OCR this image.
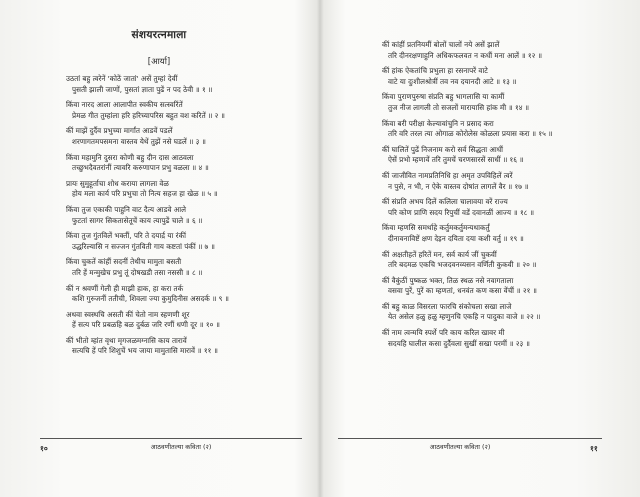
संशयरत्नमाला
[आर्या]
उठतां बहु त्वरेनें 'कोठें जातां' असें तुम्हां देवीं
पुसती झाली जाणों, पुसतां ज्ञाता पुढें न पद ठेवी ॥ १ ॥
किंवा नारद आला आलापीत स्वकीय सत्स्वरिंतें
प्रेमळ गीत तुम्हांला हरि हरिच्यापरिस बहुत वश करितें ॥ २ ॥
कीं माझें दुर्दैव प्रभुच्या मार्गांत आडवें पडलें
शरणागतमपसमना वास्तव येथें तुझें नसे घडलें ॥ ३ ॥
किंवा महामुनि दुसरा कोणी बहु दीन दास आठवला
तच्छुभदैवतरांनीं त्यावरि करुणापान प्रभु वळला ॥ ४ ॥
प्रायः सुमुहूर्ताचा शोध कराया लागला वेळ
होय मला कार्य परि प्रभुचा तो नित्य सहज हा खेळ ॥ ५ ॥
किंवा तुज एकाकी पाहुनि वाट दैत्य आडवे आले
फुटतां सागर सिकतासेतूचें काय त्यापुढें चाले ॥ ६ ॥
किंवा तुज गुंतविलें भक्तीं, परि ते दयार्द्र या रंकीं
उद्धरिल्यासि न सज्जन गुंतविती गाय कष्टतां पंकीं ॥ ७ ॥
किंवा चुकतें कांहीं सदनीं तेथीच मामुता बसती
तरि हें मन्मुखेच प्रभु तूं दोषखडी तसा नससी ॥ ८ ॥
कीं न श्रवणीं गेली ही माझी हाक, हा करा तर्क
कशि गुरुजनीं ततीची, शिवला ज्या कुमुदिनीस असदर्क ॥ ९ ॥
अथवा स्वस्थचि असती कीं चेतो नाम स्हणणी शूर
हें सत्य परि प्रबळहि बळ दुर्बळ जरि रणीं धणी दूर ॥ १० ॥
कीं भीतो म्हांत वृथा मृगजळमग्नासि काय तारावें
सत्यचि हें परि शिशुचें भय जाया मामुतासि मारावें ॥ ११ ॥
१०	आठवणीतल्या कविता (२)
कीं कांहीं प्रतनियमीं बोलों चालों नये असें झालें
तरि दीनरक्षणाहुनि अधिकफलवत न कधीं मना आलें ॥ १२ ॥
कीं हांक ऐकतांचि प्रभुला हा रसनापरें वाटे
वाटे या दुःशीलश्रोत्रीं तव नव दयानदी आटे ॥ १३ ॥
किंवा पुराणपुरुषा संप्रति बहु भागलासि या कामीं
तुज नीज लागली तो सजलों मारायासि हांक मी ॥ १४ ॥
किंवा बरी परीक्षा केल्यावांचुनि न प्रसाद करा
तरि वरि तरल त्या ओगाळ कोरोलेस कोळला प्रयास करा ॥ १५ ॥
कीं घालितें पुढें निजनाम करो सर्व सिद्धता आधीं
ऐसें प्रभो म्हणावें तरि तुमचें चरणसारसें साधीं ॥ १६ ॥
कीं जाजीवित नामप्रतिनिधि हा अमृत उपविहिलें त्वरें
न पुसे, न भी, न ऐके वास्तव दोषांत लागलें वैर ॥ १७ ॥
कीं संप्रति अभय दिलें कलिला चालावया वरें राज्य
परि कोण प्राणि सदय रिपुचीं वडें दवानळीं आज्य ॥ १८ ॥
किंवा म्हणसि समर्थाहे कर्तुमकर्तुमन्यथाकर्तुं
दीनावनाविष्टें क्षण देइन दयिता दया कशी वर्तु ॥ १९ ॥
कीं अक्षतीहतें हरितें मन, सर्व कार्य जीं चुकवीं
तरि बदमळ एकचि भजदवनव्यसन वर्णिती कुकवी ॥ २० ॥
कीं वैकुंठीं पुष्कळ भक्त, तिळ स्थळ नसे नवागताला
वसवा पुरें, पुरें का म्हणतां, धनवंत कण कसा वेंचीं ॥ २१ ॥
कीं बहु काळ विसरला फारचि संकोचला सखा लाजे
येत असेल हळु हळु म्हणुनचि एकहि न पादुका वाजे ॥ २२ ॥
कीं नाम त्वन्मयि स्पर्शे परि काय करिल खावर मी
सदयहि घालील कसा दुर्दैवला सुखीं सखा परमीं ॥ २३ ॥
आठवणीतल्या कविता (२)	११
